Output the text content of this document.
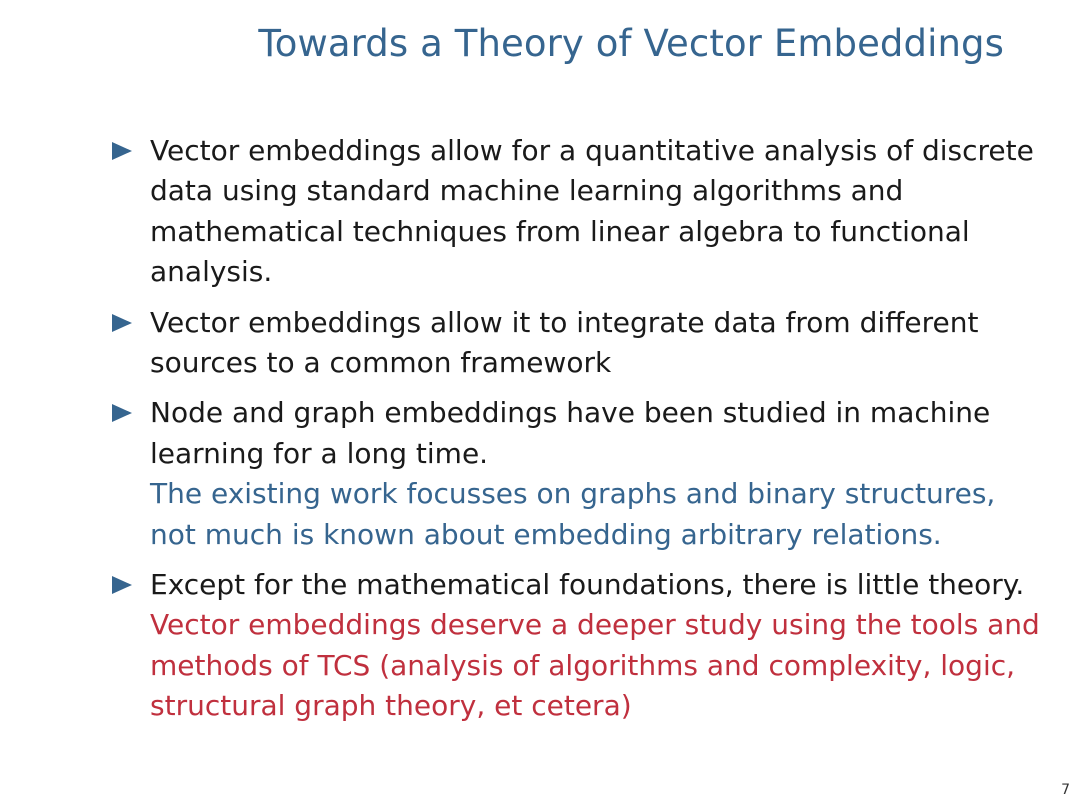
Towards a Theory of Vector Embeddings
Vector embeddings allow for a quantitative analysis of discrete
data using standard machine learning algorithms and
mathematical techniques from linear algebra to functional
analysis.
Vector embeddings allow it to integrate data from different
sources to a common framework
Node and graph embeddings have been studied in machine
learning for a long time.
The existing work focusses on graphs and binary structures,
not much is known about embedding arbitrary relations.
Except for the mathematical foundations, there is little theory.
Vector embeddings deserve a deeper study using the tools and
methods of TCS (analysis of algorithms and complexity, logic,
structural graph theory, et cetera)
7
